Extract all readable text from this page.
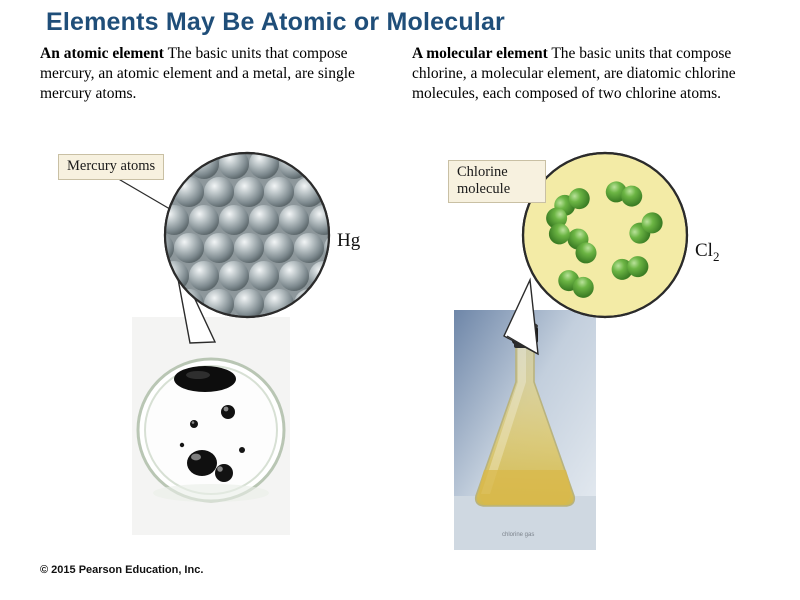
Elements May Be Atomic or Molecular
An atomic element The basic units that compose mercury, an atomic element and a metal, are single mercury atoms.
Mercury atoms
Hg
A molecular element The basic units that compose chlorine, a molecular element, are diatomic chlorine molecules, each composed of two chlorine atoms.
chlorine gas
Chlorine molecule
$Cl_2$
© 2015 Pearson Education, Inc.
